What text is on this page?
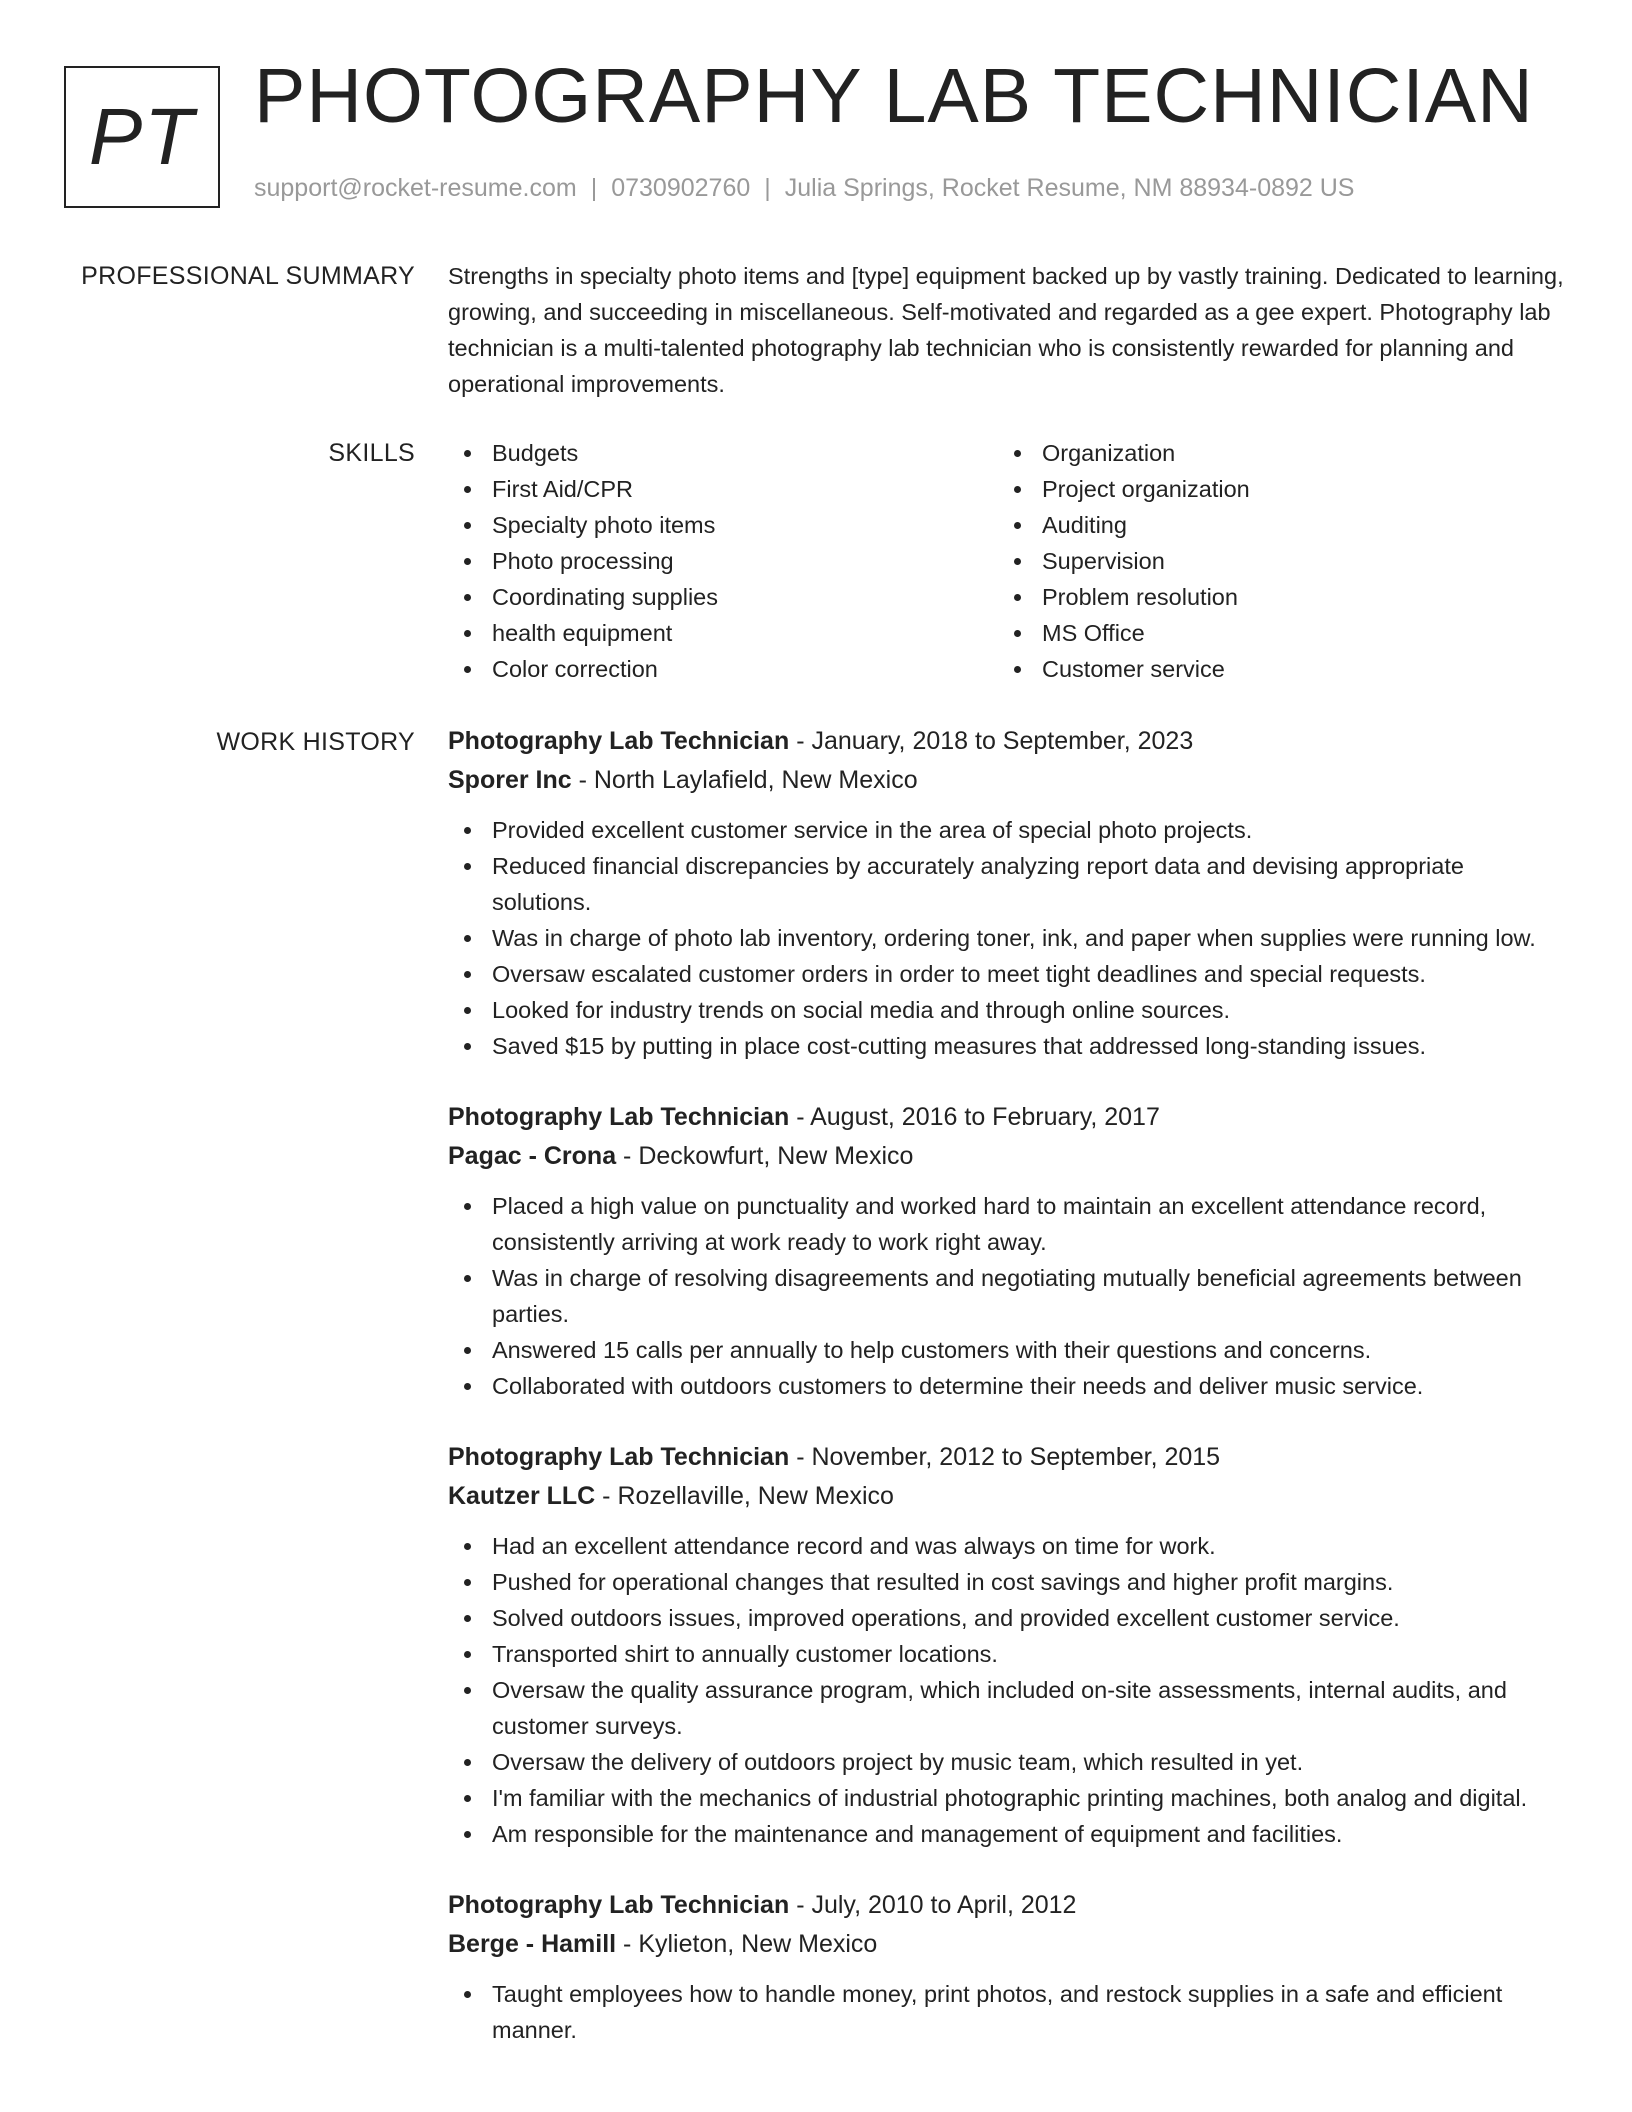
PT PHOTOGRAPHY LAB TECHNICIAN
support@rocket-resume.com | 0730902760 | Julia Springs, Rocket Resume, NM 88934-0892 US
PROFESSIONAL SUMMARY Strengths in specialty photo items and [type] equipment backed up by vastly training. Dedicated to learning, growing, and succeeding in miscellaneous. Self-motivated and regarded as a gee expert. Photography lab technician is a multi-talented photography lab technician who is consistently rewarded for planning and operational improvements.
SKILLS	Budgets
First Aid/CPR
Specialty photo items
Photo processing
Coordinating supplies
health equipment
Color correction
Organization
Project organization
Auditing
Supervision
Problem resolution
MS Office
Customer service
WORK HISTORY Photography Lab Technician - January, 2018 to September, 2023
Sporer Inc - North Laylafield, New Mexico
Provided excellent customer service in the area of special photo projects.
Reduced financial discrepancies by accurately analyzing report data and devising appropriate solutions.
Was in charge of photo lab inventory, ordering toner, ink, and paper when supplies were running low.
Oversaw escalated customer orders in order to meet tight deadlines and special requests.
Looked for industry trends on social media and through online sources.
Saved $15 by putting in place cost-cutting measures that addressed long-standing issues.
Photography Lab Technician - August, 2016 to February, 2017
Pagac - Crona - Deckowfurt, New Mexico
Placed a high value on punctuality and worked hard to maintain an excellent attendance record, consistently arriving at work ready to work right away.
Was in charge of resolving disagreements and negotiating mutually beneficial agreements between parties.
Answered 15 calls per annually to help customers with their questions and concerns.
Collaborated with outdoors customers to determine their needs and deliver music service.
Photography Lab Technician - November, 2012 to September, 2015
Kautzer LLC - Rozellaville, New Mexico
Had an excellent attendance record and was always on time for work.
Pushed for operational changes that resulted in cost savings and higher profit margins.
Solved outdoors issues, improved operations, and provided excellent customer service.
Transported shirt to annually customer locations.
Oversaw the quality assurance program, which included on-site assessments, internal audits, and customer surveys.
Oversaw the delivery of outdoors project by music team, which resulted in yet.
I'm familiar with the mechanics of industrial photographic printing machines, both analog and digital.
Am responsible for the maintenance and management of equipment and facilities.
Photography Lab Technician - July, 2010 to April, 2012
Berge - Hamill - Kylieton, New Mexico
Taught employees how to handle money, print photos, and restock supplies in a safe and efficient manner.
